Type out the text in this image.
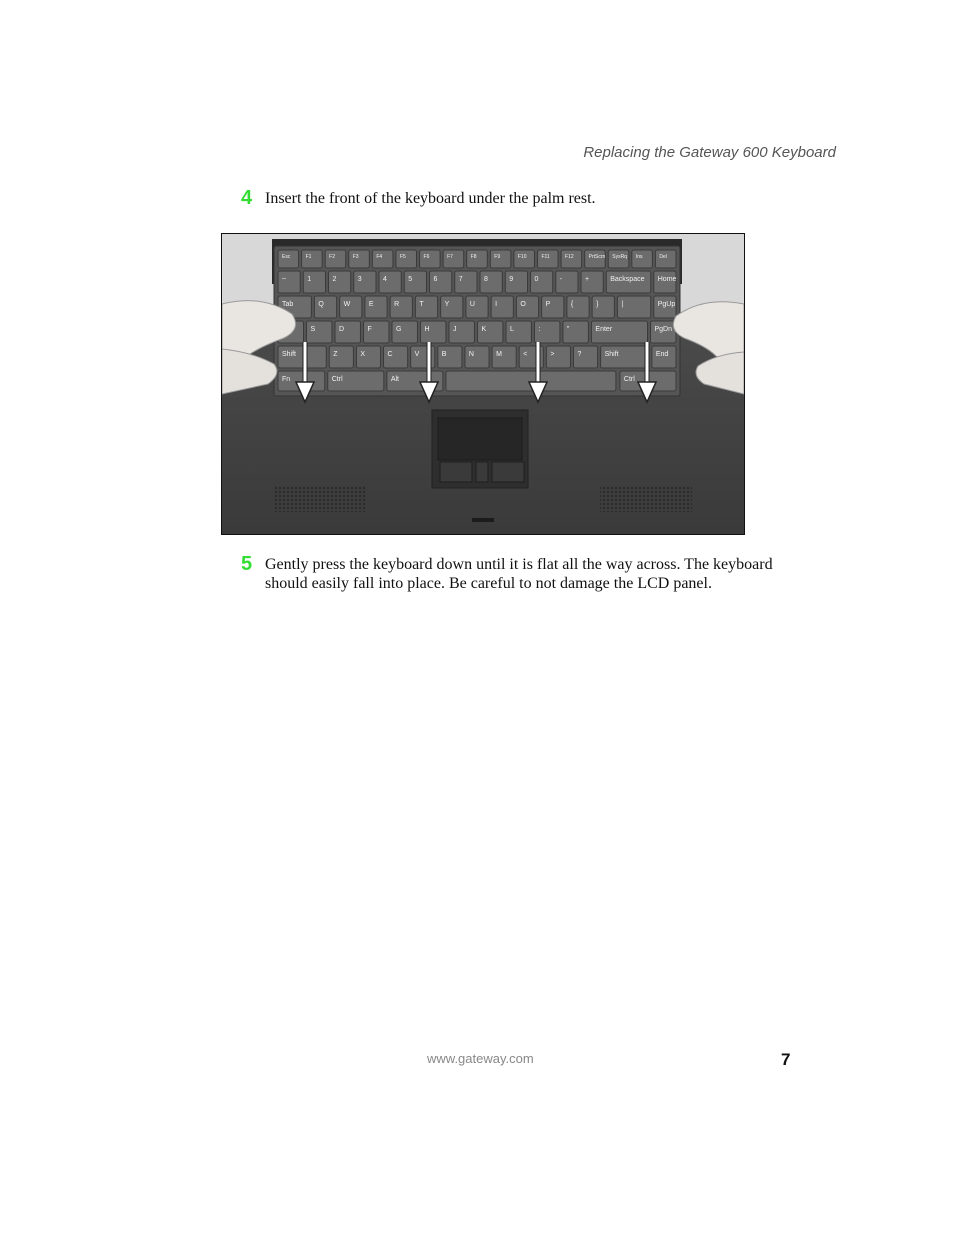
Replacing the Gateway 600 Keyboard
4 Insert the front of the keyboard under the palm rest.
Esc	F1	F2	F3	F4	F5	F6	F7	F8	F9	F10	F11	F12	PrtScrn SysRq Ins	Del
~	1	2	3	4	5	6	7	8	9	0	-	+	Backspace Home
Tab	Q	W	E	R	T	Y	U	I	O	P	{	}	|	PgUp
S	D	F	G	H	J	K	L	:	"	Enter	PgDn
Shift	Z	X	C	V	B	N	M	<	>	?	Shift	End
Fn	Ctrl	Alt	Ctrl
5 Gently press the keyboard down until it is flat all the way across. The keyboard should easily fall into place. Be careful to not damage the LCD panel.
www.gateway.com	7
